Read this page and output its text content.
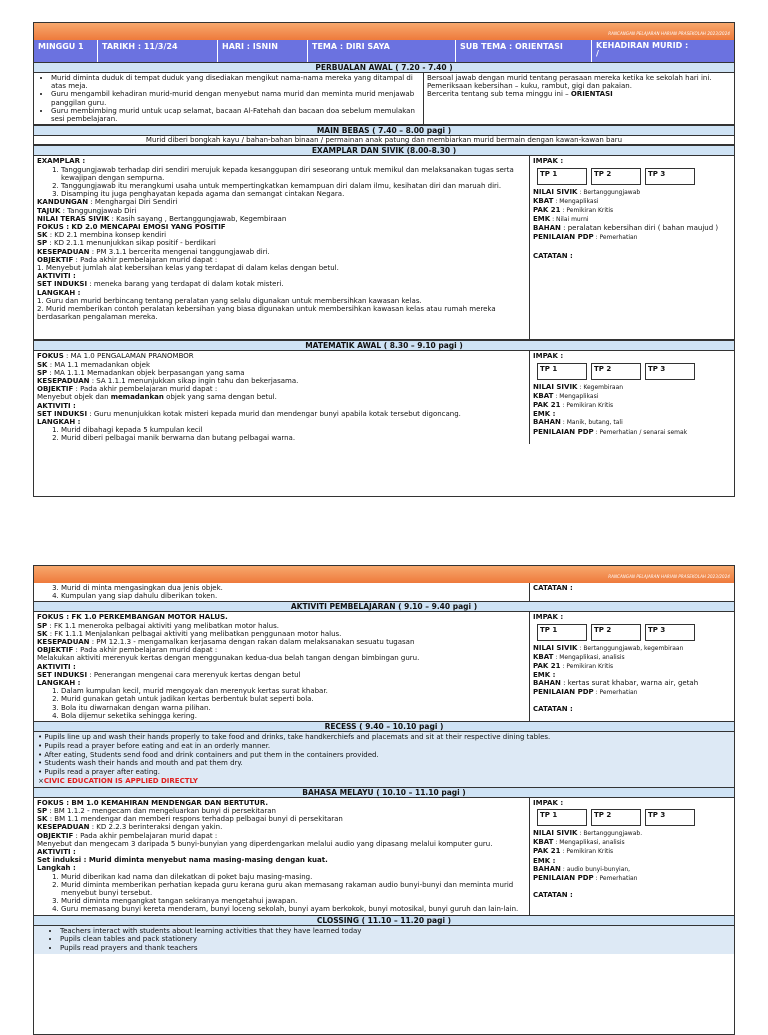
RANCANGAN PELAJARAN HARIAN PRASEKOLAH 2023/2024
MINGGU 1	TARIKH : 11/3/24	HARI : ISNIN	TEMA : DIRI SAYA	SUB TEMA : ORIENTASI	KEHADIRAN MURID :
/
PERBUALAN AWAL ( 7.20 - 7.40 )
• Murid diminta duduk di tempat duduk yang disediakan mengikut nama-nama mereka yang ditampal di atas meja.
• Guru mengambil kehadiran murid-murid dengan menyebut nama murid dan meminta murid menjawab panggilan guru.
• Guru membimbing murid untuk ucap selamat, bacaan Al-Fatehah dan bacaan doa sebelum memulakan sesi pembelajaran.
Bersoal jawab dengan murid tentang perasaan mereka ketika ke sekolah hari ini.
Pemeriksaan kebersihan – kuku, rambut, gigi dan pakaian.
Bercerita tentang sub tema minggu ini – ORIENTASI
MAIN BEBAS ( 7.40 – 8.00 pagi )
Murid diberi bongkah kayu / bahan-bahan binaan / permainan anak patung dan membiarkan murid bermain dengan kawan-kawan baru
EXAMPLAR DAN SIVIK (8.00-8.30 )
EXAMPLAR :
1. Tanggungjawab terhadap diri sendiri merujuk kepada kesanggupan diri seseorang untuk memikul dan melaksanakan tugas serta kewajipan dengan sempurna.
2. Tanggungjawab itu merangkumi usaha untuk mempertingkatkan kemampuan diri dalam ilmu, kesihatan diri dan maruah diri.
3. Disamping itu juga penghayatan kepada agama dan semangat cintakan Negara.
KANDUNGAN : Menghargai Diri Sendiri
TAJUK : Tanggungjawab Diri
NILAI TERAS SIVIK : Kasih sayang , Bertanggungjawab, Kegembiraan
FOKUS : KD 2.0 MENCAPAI EMOSI YANG POSITIF
SK : KD 2.1 membina konsep kendiri
SP : KD 2.1.1 menunjukkan sikap positif - berdikari
KESEPADUAN : PM 3.1.1 bercerita mengenai tanggungjawab diri.
OBJEKTIF : Pada akhir pembelajaran murid dapat :
1. Menyebut jumlah alat kebersihan kelas yang terdapat di dalam kelas dengan betul.
AKTIVITI :
SET INDUKSI : meneka barang yang terdapat di dalam kotak misteri.
LANGKAH :
1. Guru dan murid berbincang tentang peralatan yang selalu digunakan untuk membersihkan kawasan kelas.
2. Murid memberikan contoh peralatan kebersihan yang biasa digunakan untuk membersihkan kawasan kelas atau rumah mereka berdasarkan pengalaman mereka.
IMPAK :
TP 1	TP 2	TP 3
NILAI SIVIK : Bertanggungjawab
KBAT : Mengaplikasi
PAK 21 : Pemikiran Kritis
EMK : Nilai murni
BAHAN : peralatan kebersihan diri ( bahan maujud )
PENILAIAN PDP : Pemerhatian
CATATAN :
MATEMATIK AWAL ( 8.30 – 9.10 pagi )
FOKUS : MA 1.0 PENGALAMAN PRANOMBOR
SK : MA 1.1 memadankan objek
SP : MA 1.1.1 Memadankan objek berpasangan yang sama
KESEPADUAN : SA 1.1.1 menunjukkan sikap ingin tahu dan bekerjasama.
OBJEKTIF : Pada akhir pembelajaran murid dapat :
Menyebut objek dan memadankan objek yang sama dengan betul.
AKTIVITI :
SET INDUKSI : Guru menunjukkan kotak misteri kepada murid dan mendengar bunyi apabila kotak tersebut digoncang.
LANGKAH :
1. Murid dibahagi kepada 5 kumpulan kecil
2. Murid diberi pelbagai manik berwarna dan butang pelbagai warna.
IMPAK :
TP 1	TP 2	TP 3
NILAI SIVIK : Kegembiraan
KBAT : Mengaplikasi
PAK 21 : Pemikiran Kritis
EMK :
BAHAN : Manik, butang, tali
PENILAIAN PDP : Pemerhatian / senarai semak
RANCANGAN PELAJARAN HARIAN PRASEKOLAH 2023/2024
3. Murid di minta mengasingkan dua jenis objek.
4. Kumpulan yang siap dahulu diberikan token.
CATATAN :
AKTIVITI PEMBELAJARAN ( 9.10 – 9.40 pagi )
FOKUS : FK 1.0 PERKEMBANGAN MOTOR HALUS.
SP : FK 1.1 meneroka pelbagai aktiviti yang melibatkan motor halus.
SK : FK 1.1.1 Menjalankan pelbagai aktiviti yang melibatkan penggunaan motor halus.
KESEPADUAN : PM 12.1.3 - mengamalkan kerjasama dengan rakan dalam melaksanakan sesuatu tugasan
OBJEKTIF : Pada akhir pembelajaran murid dapat :
Melakukan aktiviti merenyuk kertas dengan menggunakan kedua-dua belah tangan dengan bimbingan guru.
AKTIVITI :
SET INDUKSI : Penerangan mengenai cara merenyuk kertas dengan betul
LANGKAH :
1. Dalam kumpulan kecil, murid mengoyak dan merenyuk kertas surat khabar.
2. Murid gunakan getah untuk jadikan kertas berbentuk bulat seperti bola.
3. Bola itu diwarnakan dengan warna pilihan.
4. Bola dijemur seketika sehingga kering.
IMPAK :
TP 1	TP 2	TP 3
NILAI SIVIK : Bertanggungjawab, kegembiraan
KBAT : Mengaplikasi, analisis
PAK 21 : Pemikiran Kritis
EMK :
BAHAN : kertas surat khabar, warna air, getah
PENILAIAN PDP : Pemerhatian
CATATAN :
RECESS ( 9.40 – 10.10 pagi )
• Pupils line up and wash their hands properly to take food and drinks, take handkerchiefs and placemats and sit at their respective dining tables.
• Pupils read a prayer before eating and eat in an orderly manner.
• After eating, Students send food and drink containers and put them in the containers provided.
• Students wash their hands and mouth and pat them dry.
• Pupils read a prayer after eating.
×CIVIC EDUCATION IS APPLIED DIRECTLY
BAHASA MELAYU ( 10.10 – 11.10 pagi )
FOKUS : BM 1.0 KEMAHIRAN MENDENGAR DAN BERTUTUR.
SP : BM 1.1.2 - mengecam dan mengeluarkan bunyi di persekitaran
SK : BM 1.1 mendengar dan memberi respons terhadap pelbagai bunyi di persekitaran
KESEPADUAN : KD 2.2.3 berinteraksi dengan yakin.
OBJEKTIF : Pada akhir pembelajaran murid dapat :
Menyebut dan mengecam 3 daripada 5 bunyi-bunyian yang diperdengarkan melalui audio yang dipasang melalui komputer guru.
AKTIVITI :
Set induksi : Murid diminta menyebut nama masing-masing dengan kuat.
Langkah :
1. Murid diberikan kad nama dan dilekatkan di poket baju masing-masing.
2. Murid diminta memberikan perhatian kepada guru kerana guru akan memasang rakaman audio bunyi-bunyi dan meminta murid menyebut bunyi tersebut.
3. Murid diminta mengangkat tangan sekiranya mengetahui jawapan.
4. Guru memasang bunyi kereta menderam, bunyi loceng sekolah, bunyi ayam berkokok, bunyi motosikal, bunyi guruh dan lain-lain.
IMPAK :
TP 1	TP 2	TP 3
NILAI SIVIK : Bertanggungjawab.
KBAT : Mengaplikasi, analisis
PAK 21 : Pemikiran Kritis
EMK :
BAHAN : audio bunyi-bunyian,
PENILAIAN PDP : Pemerhatian
CATATAN :
CLOSSING ( 11.10 – 11.20 pagi )
• Teachers interact with students about learning activities that they have learned today
• Pupils clean tables and pack stationery
• Pupils read prayers and thank teachers
